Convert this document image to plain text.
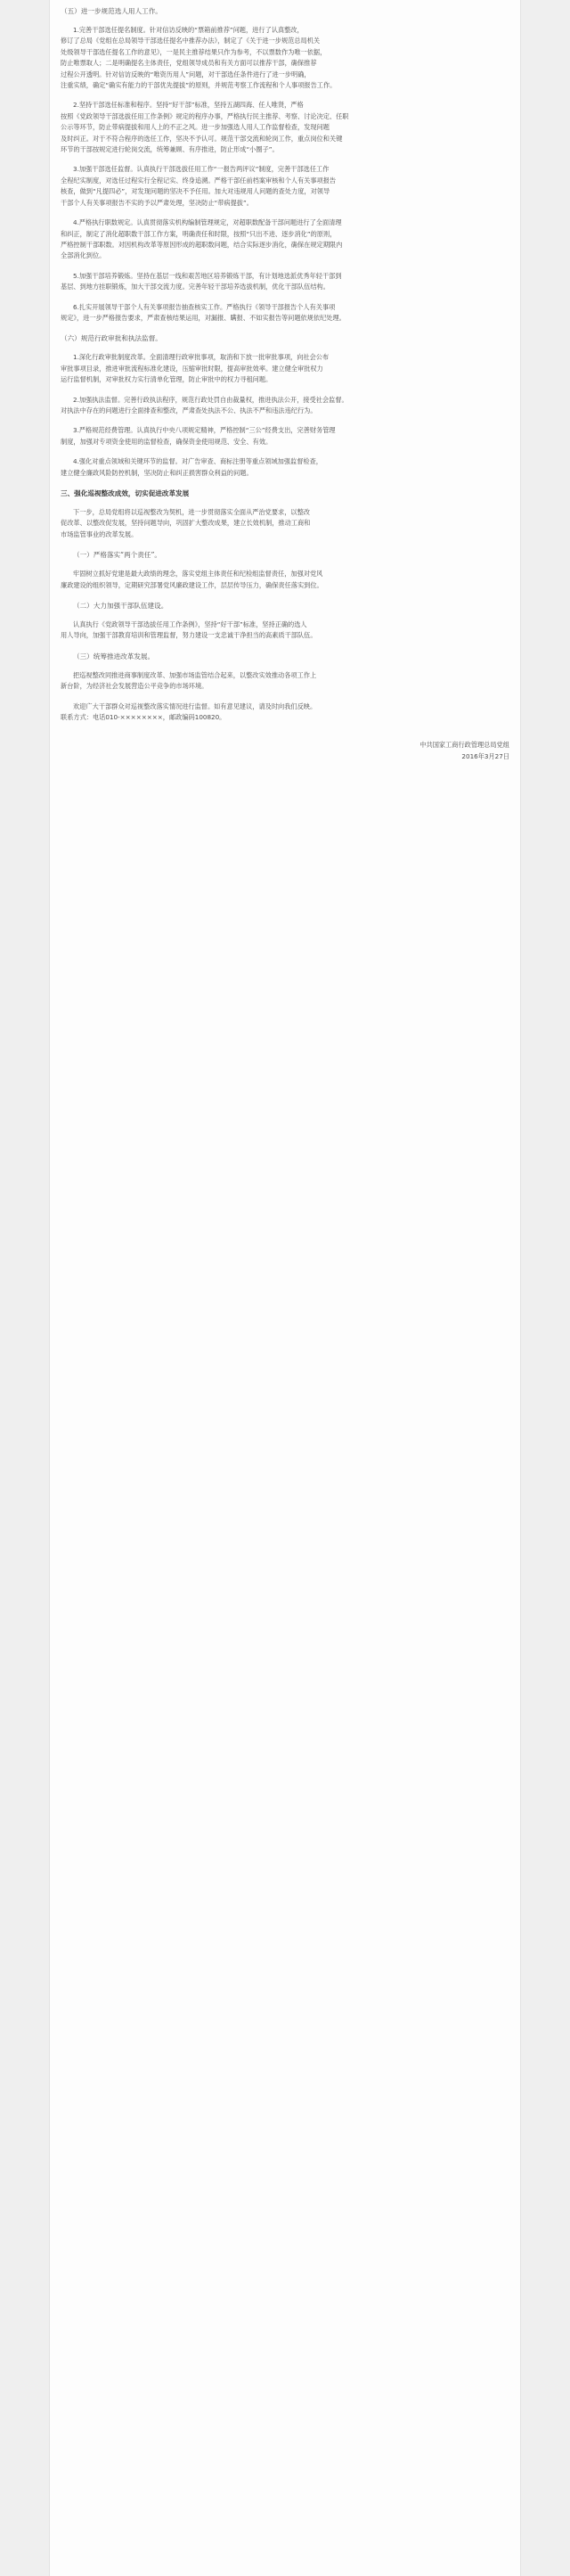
（五）进一步规范选人用人工作。
1.完善干部选任提名制度。针对信访反映的“票箱前推荐”问题，进行了认真整改，
修订了总局《党组在总局领导干部选任提名中推荐办法》，制定了《关于进一步规范总局机关
处级领导干部选任提名工作的意见》，一是民主推荐结果只作为参考，不以票数作为唯一依据，
防止唯票取人；二是明确提名主体责任，党组领导成员和有关方面可以推荐干部，确保推荐
过程公开透明。针对信访反映的“唯资历用人”问题，对干部选任条件进行了进一步明确，
注重实绩，确定“确实有能力的干部优先提拔”的原则，并规范考察工作流程和个人事项报告工作。
2.坚持干部选任标准和程序。坚持“好干部”标准，坚持五湖四海、任人唯贤，严格
按照《党政领导干部选拔任用工作条例》规定的程序办事，严格执行民主推荐、考察、讨论决定、任职
公示等环节，防止带病提拔和用人上的不正之风。进一步加强选人用人工作监督检查，发现问题
及时纠正。对于不符合程序的选任工作，坚决不予认可。规范干部交流和轮岗工作，重点岗位和关键
环节的干部按规定进行轮岗交流，统筹兼顾、有序推进，防止形成“小圈子”。
3.加强干部选任监督。认真执行干部选拔任用工作“一报告两评议”制度，完善干部选任工作
全程纪实制度，对选任过程实行全程记实、终身追溯。严格干部任前档案审核和个人有关事项报告
核查，做到“凡提四必”，对发现问题的坚决不予任用。加大对违规用人问题的查处力度，对领导
干部个人有关事项报告不实的予以严肃处理，坚决防止“带病提拔”。
4.严格执行职数规定。认真贯彻落实机构编制管理规定，对超职数配备干部问题进行了全面清理
和纠正，制定了消化超职数干部工作方案，明确责任和时限，按照“只出不进、逐步消化”的原则，
严格控制干部职数。对因机构改革等原因形成的超职数问题，结合实际逐步消化，确保在规定期限内
全部消化到位。
5.加强干部培养锻炼。坚持在基层一线和艰苦地区培养锻炼干部，有计划地选派优秀年轻干部到
基层、到地方挂职锻炼，加大干部交流力度。完善年轻干部培养选拔机制，优化干部队伍结构。
6.扎实开展领导干部个人有关事项报告抽查核实工作。严格执行《领导干部报告个人有关事项
规定》，进一步严格报告要求，严肃查核结果运用，对漏报、瞒报、不如实报告等问题依规依纪处理。
（六）规范行政审批和执法监督。
1.深化行政审批制度改革。全面清理行政审批事项，取消和下放一批审批事项，向社会公布
审批事项目录，推进审批流程标准化建设，压缩审批时限，提高审批效率。建立健全审批权力
运行监督机制，对审批权力实行清单化管理，防止审批中的权力寻租问题。
2.加强执法监督。完善行政执法程序，规范行政处罚自由裁量权，推进执法公开，接受社会监督。
对执法中存在的问题进行全面排查和整改，严肃查处执法不公、执法不严和违法违纪行为。
3.严格规范经费管理。认真执行中央八项规定精神，严格控制“三公”经费支出，完善财务管理
制度，加强对专项资金使用的监督检查，确保资金使用规范、安全、有效。
4.强化对重点领域和关键环节的监督。对广告审查、商标注册等重点领域加强监督检查，
建立健全廉政风险防控机制，坚决防止和纠正损害群众利益的问题。
三、强化巡视整改成效，切实促进改革发展
下一步，总局党组将以巡视整改为契机，进一步贯彻落实全面从严治党要求，以整改
促改革、以整改促发展，坚持问题导向，巩固扩大整改成果，建立长效机制，推动工商和
市场监管事业的改革发展。
（一）严格落实“两个责任”。
牢固树立抓好党建是最大政绩的理念，落实党组主体责任和纪检组监督责任，加强对党风
廉政建设的组织领导，定期研究部署党风廉政建设工作，层层传导压力，确保责任落实到位。
（二）大力加强干部队伍建设。
认真执行《党政领导干部选拔任用工作条例》，坚持“好干部”标准，坚持正确的选人
用人导向，加强干部教育培训和管理监督，努力建设一支忠诚干净担当的高素质干部队伍。
（三）统筹推进改革发展。
把巡视整改同推进商事制度改革、加强市场监管结合起来，以整改实效推动各项工作上
新台阶，为经济社会发展营造公平竞争的市场环境。
欢迎广大干部群众对巡视整改落实情况进行监督。如有意见建议，请及时向我们反映。
联系方式：电话010-××××××××，邮政编码100820。
中共国家工商行政管理总局党组
2016年3月27日
